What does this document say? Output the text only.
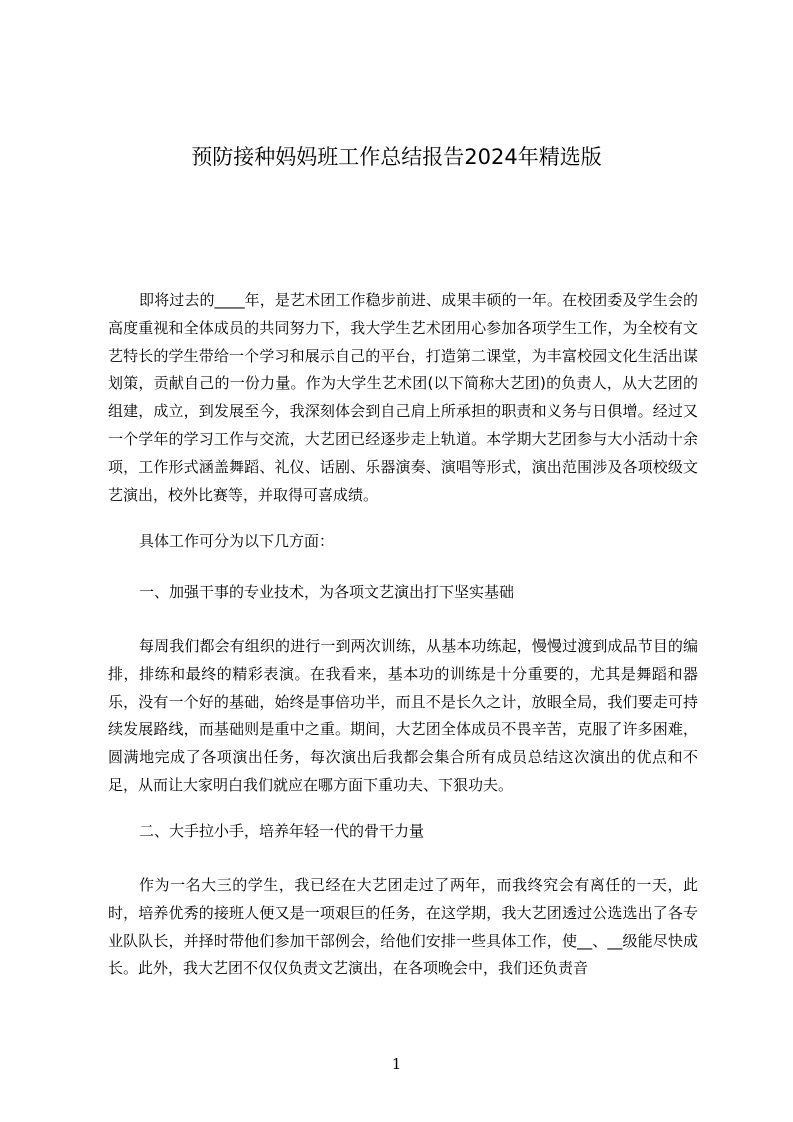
预防接种妈妈班工作总结报告2024年精选版

即将过去的____年，是艺术团工作稳步前进、成果丰硕的一年。在校团委及学生会的高度重视和全体成员的共同努力下，我大学生艺术团用心参加各项学生工作，为全校有文艺特长的学生带给一个学习和展示自己的平台，打造第二课堂，为丰富校园文化生活出谋划策，贡献自己的一份力量。作为大学生艺术团(以下简称大艺团)的负责人，从大艺团的组建，成立，到发展至今，我深刻体会到自己肩上所承担的职责和义务与日俱增。经过又一个学年的学习工作与交流，大艺团已经逐步走上轨道。本学期大艺团参与大小活动十余项，工作形式涵盖舞蹈、礼仪、话剧、乐器演奏、演唱等形式，演出范围涉及各项校级文艺演出，校外比赛等，并取得可喜成绩。

具体工作可分为以下几方面：

一、加强干事的专业技术，为各项文艺演出打下坚实基础

每周我们都会有组织的进行一到两次训练，从基本功练起，慢慢过渡到成品节目的编排，排练和最终的精彩表演。在我看来，基本功的训练是十分重要的，尤其是舞蹈和器乐，没有一个好的基础，始终是事倍功半，而且不是长久之计，放眼全局，我们要走可持续发展路线，而基础则是重中之重。期间，大艺团全体成员不畏辛苦，克服了许多困难，圆满地完成了各项演出任务，每次演出后我都会集合所有成员总结这次演出的优点和不足，从而让大家明白我们就应在哪方面下重功夫、下狠功夫。

二、大手拉小手，培养年轻一代的骨干力量

作为一名大三的学生，我已经在大艺团走过了两年，而我终究会有离任的一天，此时，培养优秀的接班人便又是一项艰巨的任务，在这学期，我大艺团透过公选选出了各专业队队长，并择时带他们参加干部例会，给他们安排一些具体工作，使__、__级能尽快成长。此外，我大艺团不仅仅负责文艺演出，在各项晚会中，我们还负责音

1
